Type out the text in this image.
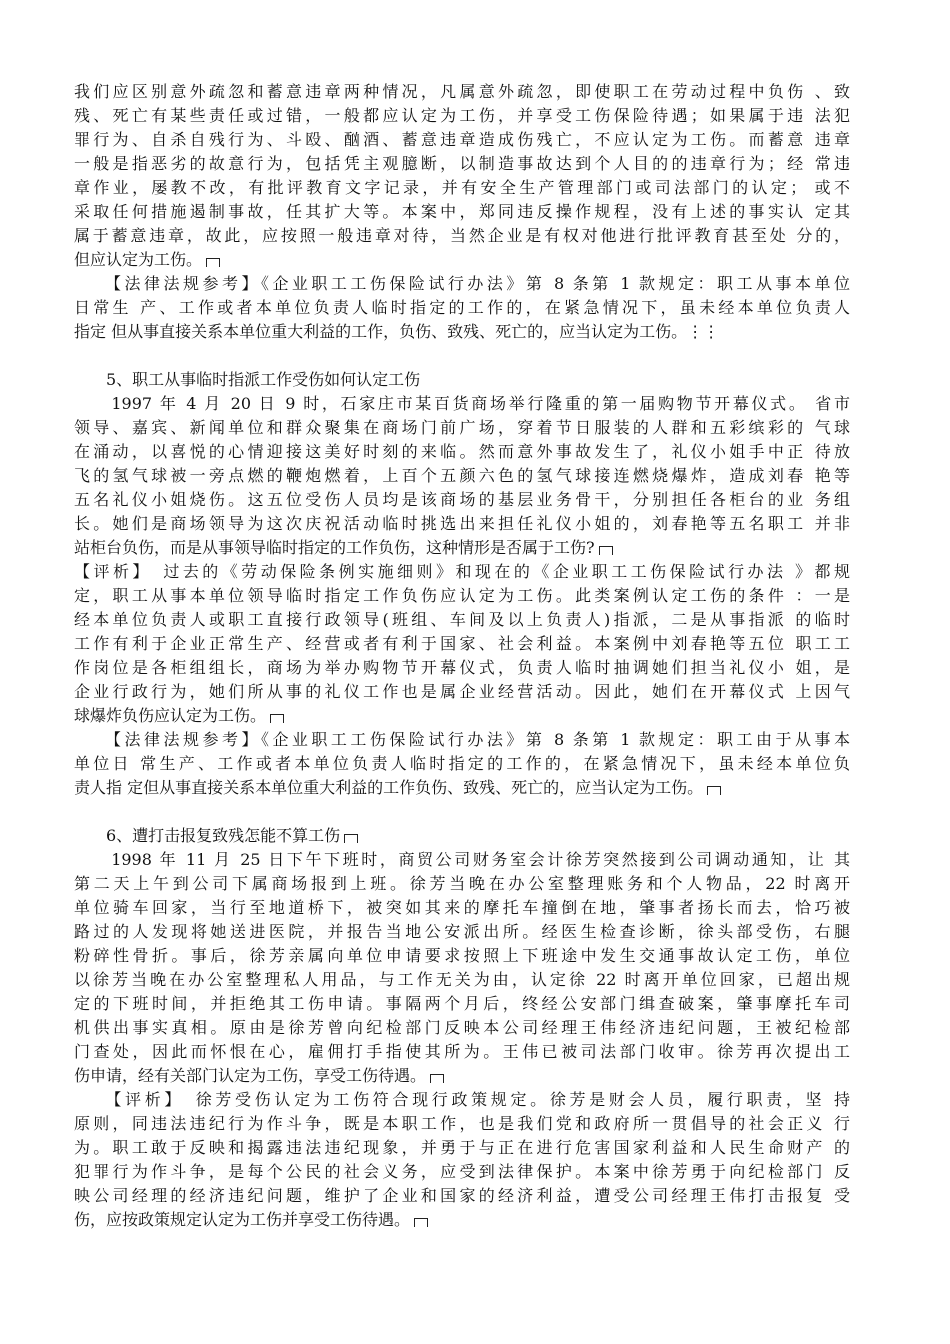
我们应区别意外疏忽和蓄意违章两种情况，凡属意外疏忽，即使职工在劳动过程中负伤 、致
残、死亡有某些责任或过错，一般都应认定为工伤，并享受工伤保险待遇；如果属于违 法犯
罪行为、自杀自残行为、斗殴、酗酒、蓄意违章造成伤残亡，不应认定为工伤。而蓄意 违章
一般是指恶劣的故意行为，包括凭主观臆断，以制造事故达到个人目的的违章行为；经 常违
章作业，屡教不改，有批评教育文字记录，并有安全生产管理部门或司法部门的认定； 或不
采取任何措施遏制事故，任其扩大等。本案中，郑同违反操作规程，没有上述的事实认 定其
属于蓄意违章，故此，应按照一般违章对待，当然企业是有权对他进行批评教育甚至处 分的，
但应认定为工伤。
　　【法律法规参考】《企业职工工伤保险试行办法》第 8 条第 1 款规定：职工从事本单位
日常生 产、工作或者本单位负责人临时指定的工作的，在紧急情况下，虽未经本单位负责人
指定 但从事直接关系本单位重大利益的工作，负伤、致残、死亡的，应当认定为工伤。⋮⋮
　　5、职工从事临时指派工作受伤如何认定工伤
　　1997 年 4 月 20 日 9 时，石家庄市某百货商场举行隆重的第一届购物节开幕仪式。 省市
领导、嘉宾、新闻单位和群众聚集在商场门前广场，穿着节日服装的人群和五彩缤彩的 气球
在涌动，以喜悦的心情迎接这美好时刻的来临。然而意外事故发生了，礼仪小姐手中正 待放
飞的氢气球被一旁点燃的鞭炮燃着，上百个五颜六色的氢气球接连燃烧爆炸，造成刘春 艳等
五名礼仪小姐烧伤。这五位受伤人员均是该商场的基层业务骨干，分别担任各柜台的业 务组
长。她们是商场领导为这次庆祝活动临时挑选出来担任礼仪小姐的，刘春艳等五名职工 并非
站柜台负伤，而是从事领导临时指定的工作负伤，这种情形是否属于工伤?
【评析】　过去的《劳动保险条例实施细则》和现在的《企业职工工伤保险试行办法 》都规
定，职工从事本单位领导临时指定工作负伤应认定为工伤。此类案例认定工伤的条件 ：一是
经本单位负责人或职工直接行政领导(班组、车间及以上负责人)指派，二是从事指派 的临时
工作有利于企业正常生产、经营或者有利于国家、社会利益。本案例中刘春艳等五位 职工工
作岗位是各柜组组长，商场为举办购物节开幕仪式，负责人临时抽调她们担当礼仪小 姐，是
企业行政行为，她们所从事的礼仪工作也是属企业经营活动。因此，她们在开幕仪式 上因气
球爆炸负伤应认定为工伤。
　　【法律法规参考】《企业职工工伤保险试行办法》第 8 条第 1 款规定：职工由于从事本
单位日 常生产、工作或者本单位负责人临时指定的工作的，在紧急情况下，虽未经本单位负
责人指 定但从事直接关系本单位重大利益的工作负伤、致残、死亡的，应当认定为工伤。
　　6、遭打击报复致残怎能不算工伤
　　1998 年 11 月 25 日下午下班时，商贸公司财务室会计徐芳突然接到公司调动通知，让 其
第二天上午到公司下属商场报到上班。徐芳当晚在办公室整理账务和个人物品，22 时离开
单位骑车回家，当行至地道桥下，被突如其来的摩托车撞倒在地，肇事者扬长而去，恰巧被
路过的人发现将她送进医院，并报告当地公安派出所。经医生检查诊断，徐头部受伤，右腿
粉碎性骨折。事后，徐芳亲属向单位申请要求按照上下班途中发生交通事故认定工伤，单位
以徐芳当晚在办公室整理私人用品，与工作无关为由，认定徐 22 时离开单位回家，已超出规
定的下班时间，并拒绝其工伤申请。事隔两个月后，终经公安部门缉查破案，肇事摩托车司
机供出事实真相。原由是徐芳曾向纪检部门反映本公司经理王伟经济违纪问题，王被纪检部
门查处，因此而怀恨在心，雇佣打手指使其所为。王伟已被司法部门收审。徐芳再次提出工
伤申请，经有关部门认定为工伤，享受工伤待遇。
　　【评析】　徐芳受伤认定为工伤符合现行政策规定。徐芳是财会人员，履行职责，坚 持
原则，同违法违纪行为作斗争，既是本职工作，也是我们党和政府所一贯倡导的社会正义 行
为。职工敢于反映和揭露违法违纪现象，并勇于与正在进行危害国家利益和人民生命财产 的
犯罪行为作斗争，是每个公民的社会义务，应受到法律保护。本案中徐芳勇于向纪检部门 反
映公司经理的经济违纪问题，维护了企业和国家的经济利益，遭受公司经理王伟打击报复 受
伤，应按政策规定认定为工伤并享受工伤待遇。
